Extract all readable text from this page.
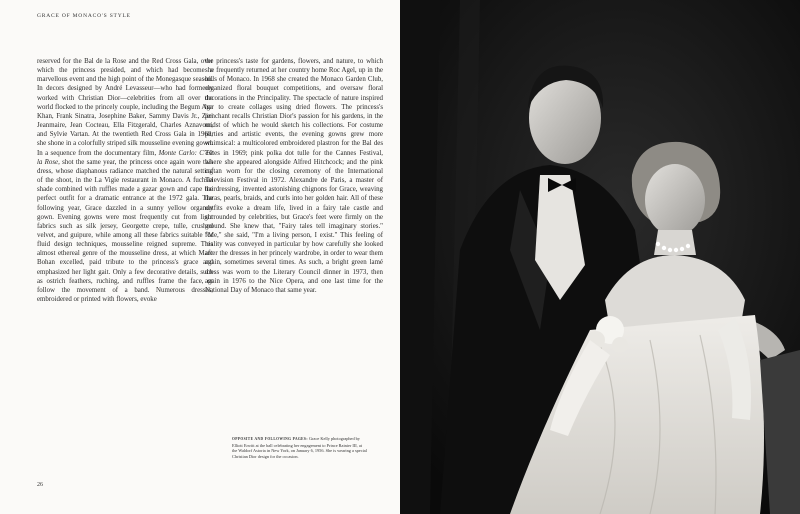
GRACE OF MONACO'S STYLE

reserved for the Bal de la Rose and the Red Cross Gala, over which the princess presided, and which had become a marvellous event and the high point of the Monegasque season. In decors designed by André Levasseur—who had formerly worked with Christian Dior—celebrities from all over the world flocked to the princely couple, including the Begum Aga Khan, Frank Sinatra, Josephine Baker, Sammy Davis Jr., Zizi Jeanmaire, Jean Cocteau, Ella Fitzgerald, Charles Aznavour, and Sylvie Vartan. At the twentieth Red Cross Gala in 1968, she shone in a colorfully striped silk mousseline evening gown. In a sequence from the documentary film, Monte Carlo: C'est la Rose, shot the same year, the princess once again wore this dress, whose diaphanous radiance matched the natural setting of the shoot, in the La Vigie restaurant in Monaco. A fuchsia shade combined with ruffles made a gazar gown and cape the perfect outfit for a dramatic entrance at the 1972 gala. The following year, Grace dazzled in a sunny yellow organdy gown. Evening gowns were most frequently cut from light fabrics such as silk jersey, Georgette crepe, tulle, crushed velvet, and guipure, while among all these fabrics suitable for fluid design techniques, mousseline reigned supreme. This almost ethereal genre of the mousseline dress, at which Marc Bohan excelled, paid tribute to the princess's grace and emphasized her light gait. Only a few decorative details, such as ostrich feathers, ruching, and ruffles frame the face, or follow the movement of a band. Numerous dresses, embroidered or printed with flowers, evoke

the princess's taste for gardens, flowers, and nature, to which she frequently returned at her country home Roc Agel, up in the hills of Monaco. In 1968 she created the Monaco Garden Club, organized floral bouquet competitions, and oversaw floral decorations in the Principality. The spectacle of nature inspired her to create collages using dried flowers. The princess's penchant recalls Christian Dior's passion for his gardens, in the midst of which he would sketch his collections. For costume parties and artistic events, the evening gowns grew more whimsical: a multicolored embroidered plastron for the Bal des Têtes in 1969; pink polka dot tulle for the Cannes Festival, where she appeared alongside Alfred Hitchcock; and the pink caftan worn for the closing ceremony of the International Television Festival in 1972. Alexandre de Paris, a master of hairdressing, invented astonishing chignons for Grace, weaving tiaras, pearls, braids, and curls into her golden hair. All of these outfits evoke a dream life, lived in a fairy tale castle and surrounded by celebrities, but Grace's feet were firmly on the ground. She knew that, "Fairy tales tell imaginary stories." "Me," she said, "I'm a living person, I exist." This feeling of reality was conveyed in particular by how carefully she looked after the dresses in her princely wardrobe, in order to wear them again, sometimes several times. As such, a bright green lamé dress was worn to the Literary Council dinner in 1973, then again in 1976 to the Nice Opera, and one last time for the National Day of Monaco that same year.

OPPOSITE AND FOLLOWING PAGES: Grace Kelly photographed by Elliott Erwitt at the ball celebrating her engagement to Prince Rainier III, at the Waldorf Astoria in New York, on January 6, 1956. She is wearing a special Christian Dior design for the occasion.
26
